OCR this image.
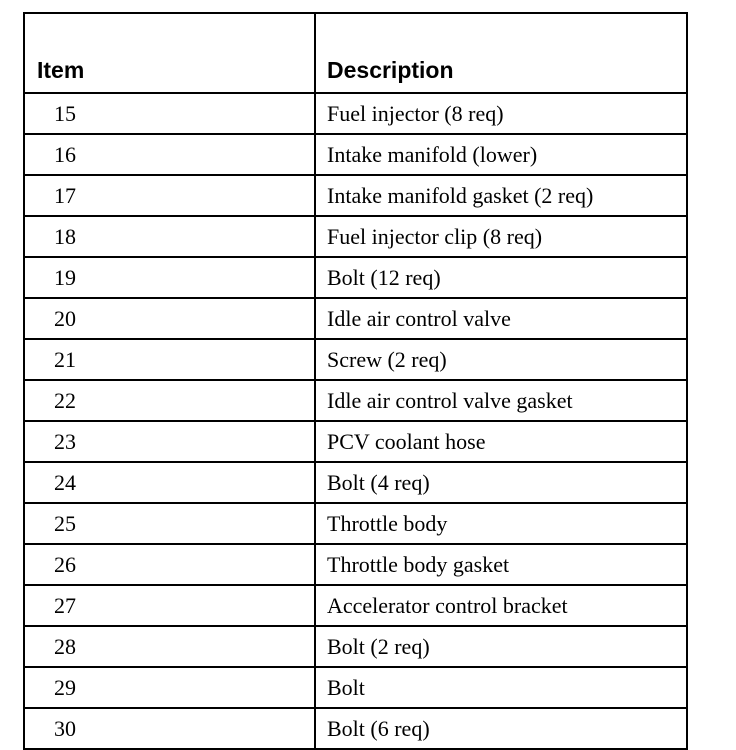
Item	Description
15	Fuel injector (8 req)
16	Intake manifold (lower)
17	Intake manifold gasket (2 req)
18	Fuel injector clip (8 req)
19	Bolt (12 req)
20	Idle air control valve
21	Screw (2 req)
22	Idle air control valve gasket
23	PCV coolant hose
24	Bolt (4 req)
25	Throttle body
26	Throttle body gasket
27	Accelerator control bracket
28	Bolt (2 req)
29	Bolt
30	Bolt (6 req)
